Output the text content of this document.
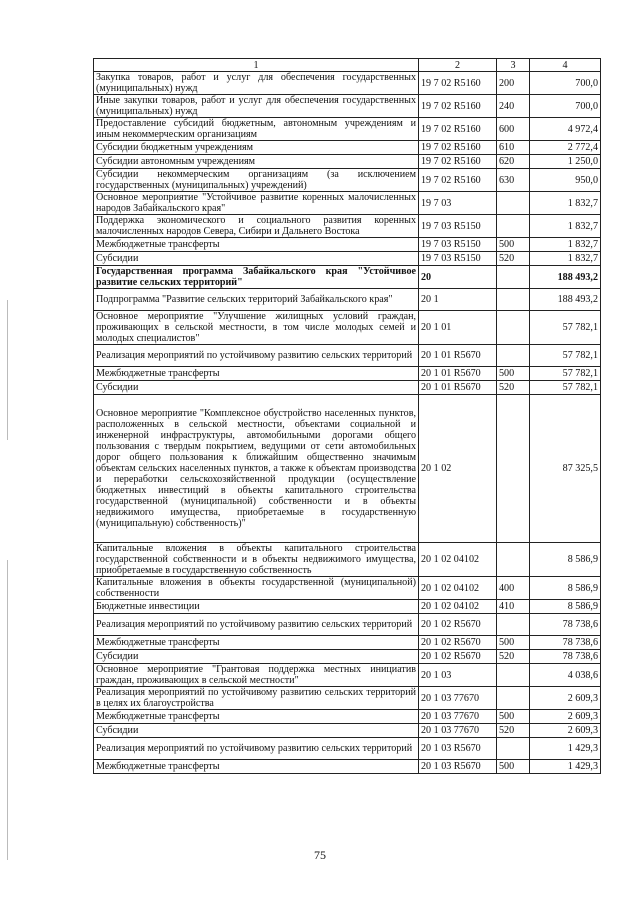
1	2	3	4
Закупка товаров, работ и услуг для обеспечения государственных (муниципальных) нужд	19 7 02 R5160	200	700,0
Иные закупки товаров, работ и услуг для обеспечения государственных (муниципальных) нужд	19 7 02 R5160	240	700,0
Предоставление субсидий бюджетным, автономным учреждениям и иным некоммерческим организациям	19 7 02 R5160	600	4 972,4
Субсидии бюджетным учреждениям	19 7 02 R5160	610	2 772,4
Субсидии автономным учреждениям	19 7 02 R5160	620	1 250,0
Субсидии некоммерческим организациям (за исключением государственных (муниципальных) учреждений)	19 7 02 R5160	630	950,0
Основное мероприятие "Устойчивое развитие коренных малочисленных народов Забайкальского края"	19 7 03		1 832,7
Поддержка экономического и социального развития коренных малочисленных народов Севера, Сибири и Дальнего Востока	19 7 03 R5150		1 832,7
Межбюджетные трансферты	19 7 03 R5150	500	1 832,7
Субсидии	19 7 03 R5150	520	1 832,7
Государственная программа Забайкальского края "Устойчивое развитие сельских территорий"	20		188 493,2
Подпрограмма "Развитие сельских территорий Забайкальского края"	20 1		188 493,2
Основное мероприятие "Улучшение жилищных условий граждан, проживающих в сельской местности, в том числе молодых семей и молодых специалистов"	20 1 01		57 782,1
Реализация мероприятий по устойчивому развитию сельских территорий	20 1 01 R5670		57 782,1
Межбюджетные трансферты	20 1 01 R5670	500	57 782,1
Субсидии	20 1 01 R5670	520	57 782,1
Основное мероприятие "Комплексное обустройство населенных пунктов, расположенных в сельской местности, объектами социальной и инженерной инфраструктуры, автомобильными дорогами общего пользования с твердым покрытием, ведущими от сети автомобильных дорог общего пользования к ближайшим общественно значимым объектам сельских населенных пунктов, а также к объектам производства и переработки сельскохозяйственной продукции (осуществление бюджетных инвестиций в объекты капитального строительства государственной (муниципальной) собственности и в объекты недвижимого имущества, приобретаемые в государственную (муниципальную) собственность)"	20 1 02		87 325,5
Капитальные вложения в объекты капитального строительства государственной собственности и в объекты недвижимого имущества, приобретаемые в государственную собственность	20 1 02 04102		8 586,9
Капитальные вложения в объекты государственной (муниципальной) собственности	20 1 02 04102	400	8 586,9
Бюджетные инвестиции	20 1 02 04102	410	8 586,9
Реализация мероприятий по устойчивому развитию сельских территорий	20 1 02 R5670		78 738,6
Межбюджетные трансферты	20 1 02 R5670	500	78 738,6
Субсидии	20 1 02 R5670	520	78 738,6
Основное мероприятие "Грантовая поддержка местных инициатив граждан, проживающих в сельской местности"	20 1 03		4 038,6
Реализация мероприятий по устойчивому развитию сельских территорий в целях их благоустройства	20 1 03 77670		2 609,3
Межбюджетные трансферты	20 1 03 77670	500	2 609,3
Субсидии	20 1 03 77670	520	2 609,3
Реализация мероприятий по устойчивому развитию сельских территорий	20 1 03 R5670		1 429,3
Межбюджетные трансферты	20 1 03 R5670	500	1 429,3
75
